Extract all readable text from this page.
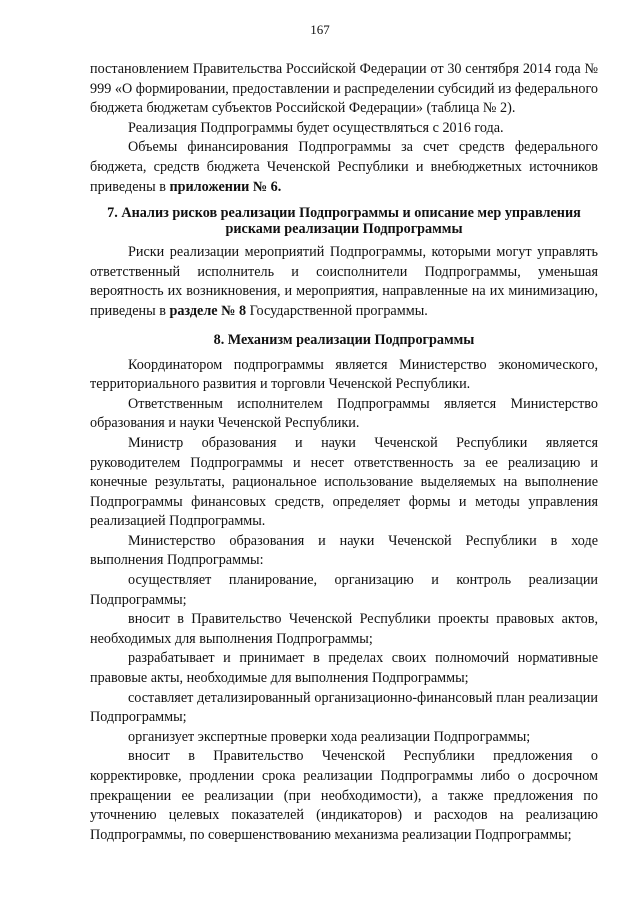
167

постановлением Правительства Российской Федерации от 30 сентября 2014 года № 999 «О формировании, предоставлении и распределении субсидий из федерального бюджета бюджетам субъектов Российской Федерации» (таблица № 2).

Реализация Подпрограммы будет осуществляться с 2016 года.

Объемы финансирования Подпрограммы за счет средств федерального бюджета, средств бюджета Чеченской Республики и внебюджетных источников приведены в приложении № 6.

7. Анализ рисков реализации Подпрограммы и описание мер управления рисками реализации Подпрограммы

Риски реализации мероприятий Подпрограммы, которыми могут управлять ответственный исполнитель и соисполнители Подпрограммы, уменьшая вероятность их возникновения, и мероприятия, направленные на их минимизацию, приведены в разделе № 8 Государственной программы.

8. Механизм реализации Подпрограммы

Координатором подпрограммы является Министерство экономического, территориального развития и торговли Чеченской Республики.

Ответственным исполнителем Подпрограммы является Министерство образования и науки Чеченской Республики.

Министр образования и науки Чеченской Республики является руководителем Подпрограммы и несет ответственность за ее реализацию и конечные результаты, рациональное использование выделяемых на выполнение Подпрограммы финансовых средств, определяет формы и методы управления реализацией Подпрограммы.

Министерство образования и науки Чеченской Республики в ходе выполнения Подпрограммы:

осуществляет планирование, организацию и контроль реализации Подпрограммы;

вносит в Правительство Чеченской Республики проекты правовых актов, необходимых для выполнения Подпрограммы;

разрабатывает и принимает в пределах своих полномочий нормативные правовые акты, необходимые для выполнения Подпрограммы;

составляет детализированный организационно-финансовый план реализации Подпрограммы;

организует экспертные проверки хода реализации Подпрограммы;

вносит в Правительство Чеченской Республики предложения о корректировке, продлении срока реализации Подпрограммы либо о досрочном прекращении ее реализации (при необходимости), а также предложения по уточнению целевых показателей (индикаторов) и расходов на реализацию Подпрограммы, по совершенствованию механизма реализации Подпрограммы;
